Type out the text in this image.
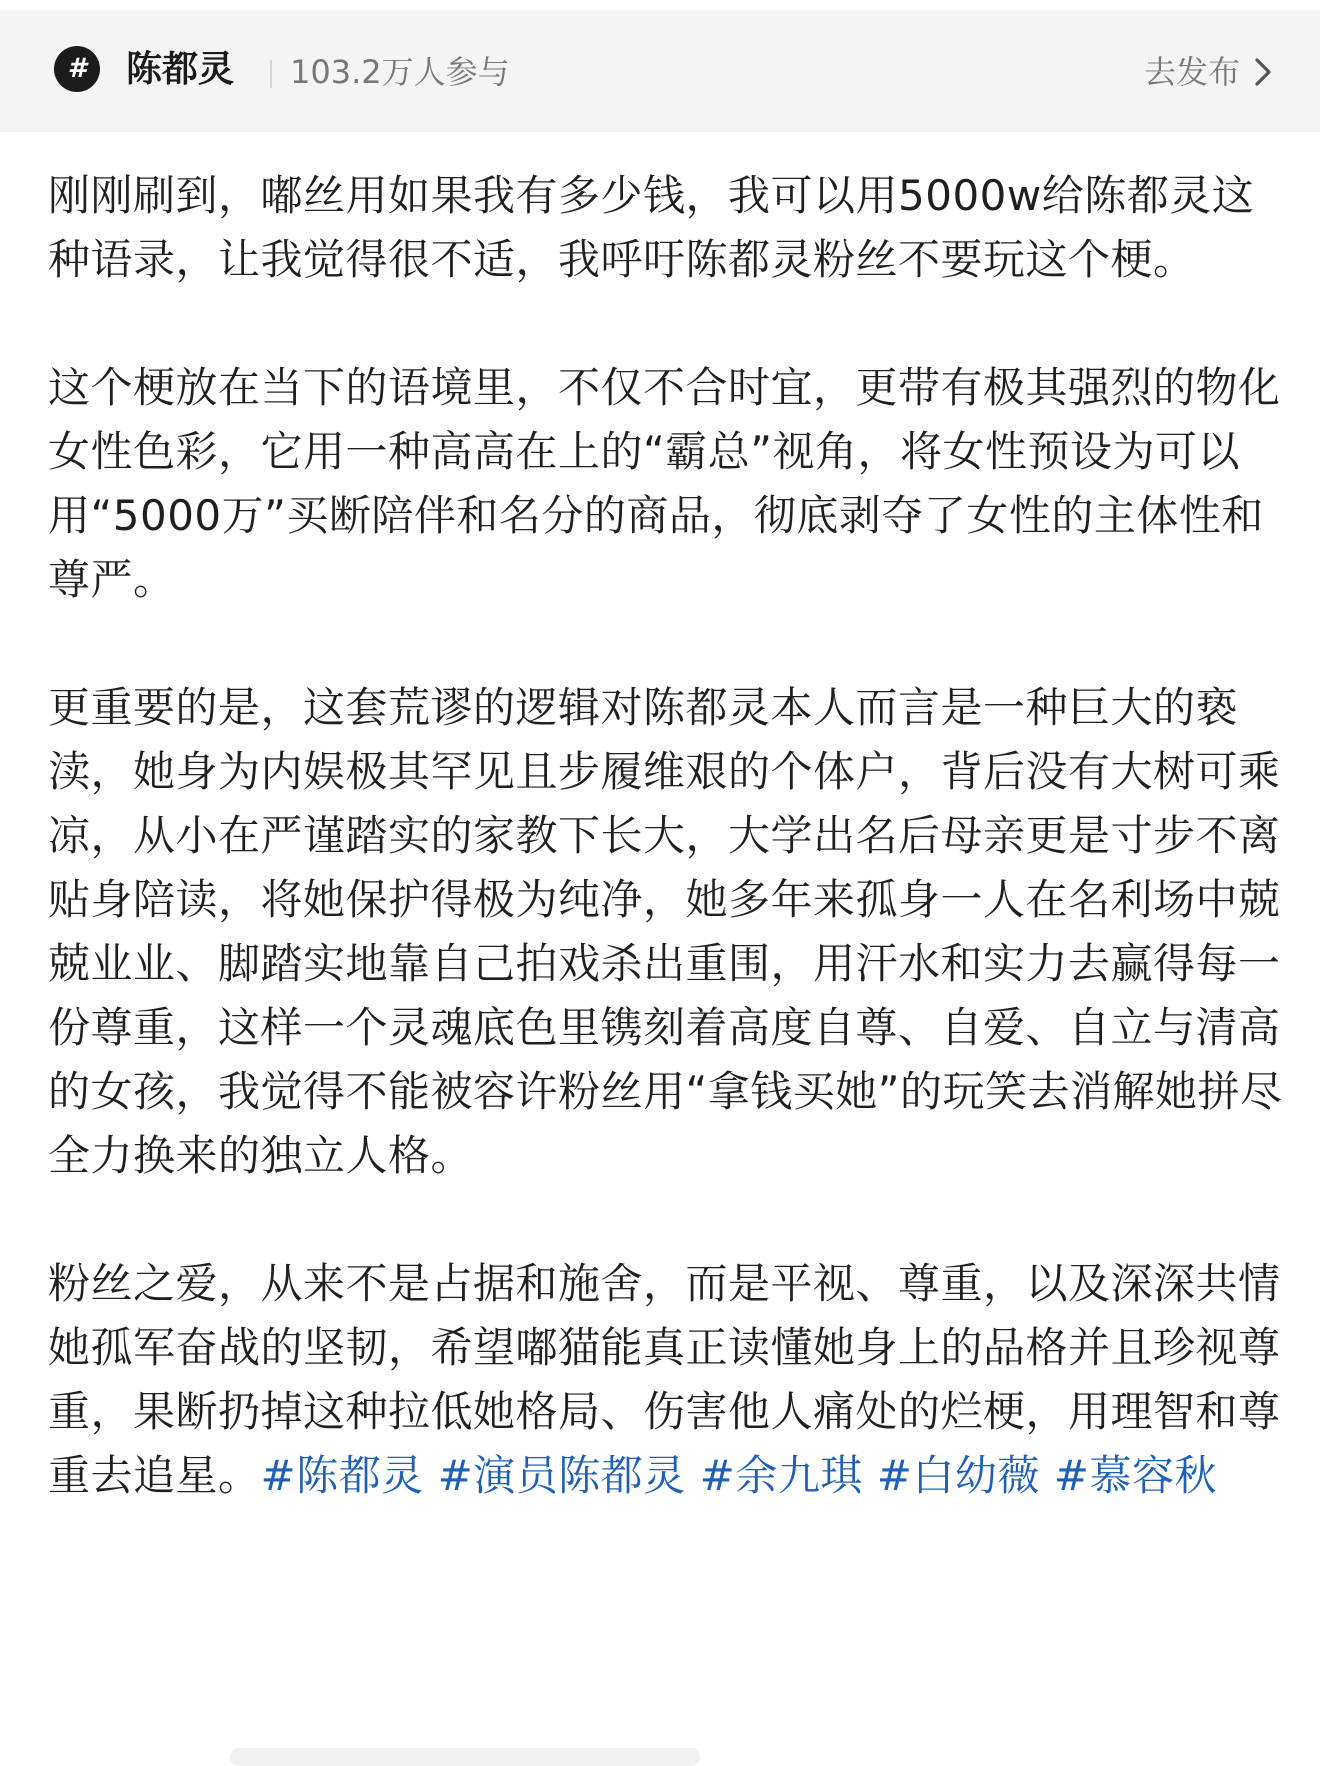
#	陈都灵 103.2万人参与	去发布

刚刚刷到，嘟丝用如果我有多少钱，我可以用5000w给陈都灵这种语录，让我觉得很不适，我呼吁陈都灵粉丝不要玩这个梗。

这个梗放在当下的语境里，不仅不合时宜，更带有极其强烈的物化女性色彩，它用一种高高在上的“霸总”视角，将女性预设为可以用“5000万”买断陪伴和名分的商品，彻底剥夺了女性的主体性和尊严。

更重要的是，这套荒谬的逻辑对陈都灵本人而言是一种巨大的亵渎，她身为内娱极其罕见且步履维艰的个体户，背后没有大树可乘凉，从小在严谨踏实的家教下长大，大学出名后母亲更是寸步不离贴身陪读，将她保护得极为纯净，她多年来孤身一人在名利场中兢兢业业、脚踏实地靠自己拍戏杀出重围，用汗水和实力去赢得每一份尊重，这样一个灵魂底色里镌刻着高度自尊、自爱、自立与清高的女孩，我觉得不能被容许粉丝用“拿钱买她”的玩笑去消解她拼尽全力换来的独立人格。

粉丝之爱，从来不是占据和施舍，而是平视、尊重，以及深深共情她孤军奋战的坚韧，希望嘟猫能真正读懂她身上的品格并且珍视尊重，果断扔掉这种拉低她格局、伤害他人痛处的烂梗，用理智和尊重去追星。#陈都灵 #演员陈都灵 #余九琪 #白幼薇 #慕容秋
